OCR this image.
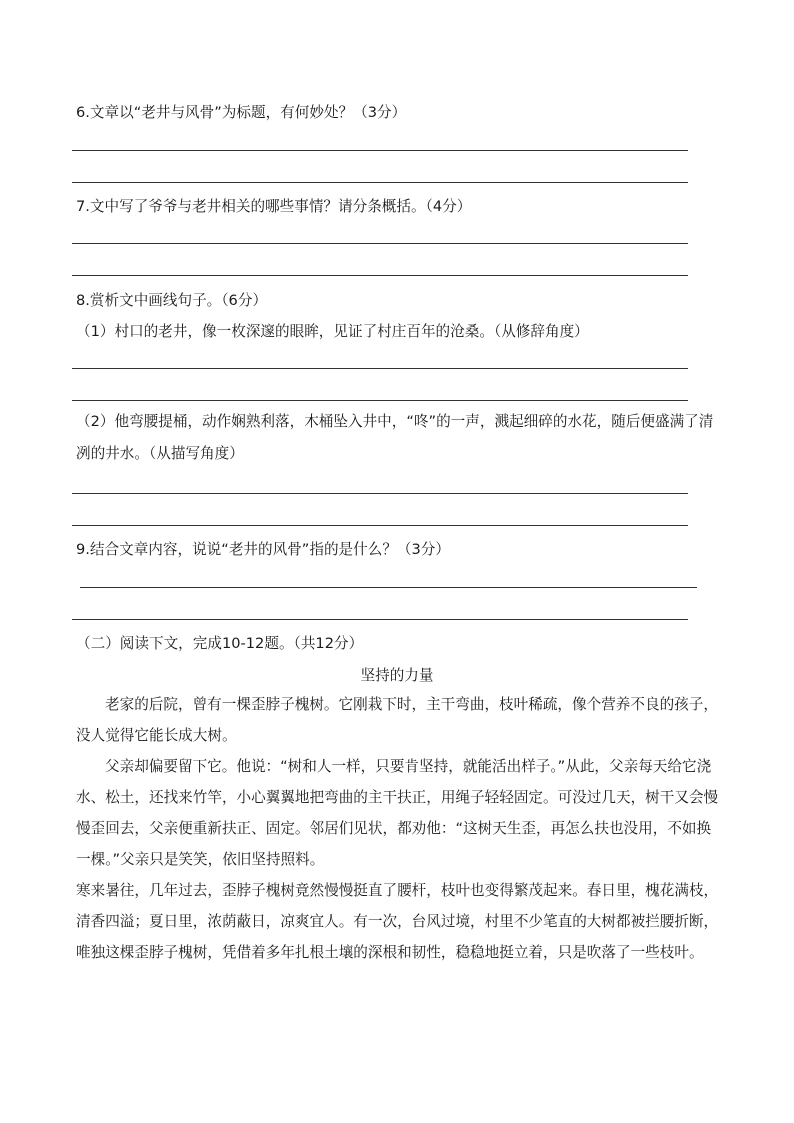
6.文章以“老井与风骨”为标题，有何妙处？（3分）
7.文中写了爷爷与老井相关的哪些事情？请分条概括。（4分）
8.赏析文中画线句子。（6分）
（1）村口的老井，像一枚深邃的眼眸，见证了村庄百年的沧桑。（从修辞角度）
（2）他弯腰提桶，动作娴熟利落，木桶坠入井中，“咚”的一声，溅起细碎的水花，随后便盛满了清冽的井水。（从描写角度）
9.结合文章内容，说说“老井的风骨”指的是什么？（3分）
（二）阅读下文，完成10-12题。（共12分）
坚持的力量
老家的后院，曾有一棵歪脖子槐树。它刚栽下时，主干弯曲，枝叶稀疏，像个营养不良的孩子，没人觉得它能长成大树。
父亲却偏要留下它。他说：“树和人一样，只要肯坚持，就能活出样子。”从此，父亲每天给它浇水、松土，还找来竹竿，小心翼翼地把弯曲的主干扶正，用绳子轻轻固定。可没过几天，树干又会慢慢歪回去，父亲便重新扶正、固定。邻居们见状，都劝他：“这树天生歪，再怎么扶也没用，不如换一棵。”父亲只是笑笑，依旧坚持照料。
寒来暑往，几年过去，歪脖子槐树竟然慢慢挺直了腰杆，枝叶也变得繁茂起来。春日里，槐花满枝，清香四溢；夏日里，浓荫蔽日，凉爽宜人。有一次，台风过境，村里不少笔直的大树都被拦腰折断，唯独这棵歪脖子槐树，凭借着多年扎根土壤的深根和韧性，稳稳地挺立着，只是吹落了一些枝叶。
